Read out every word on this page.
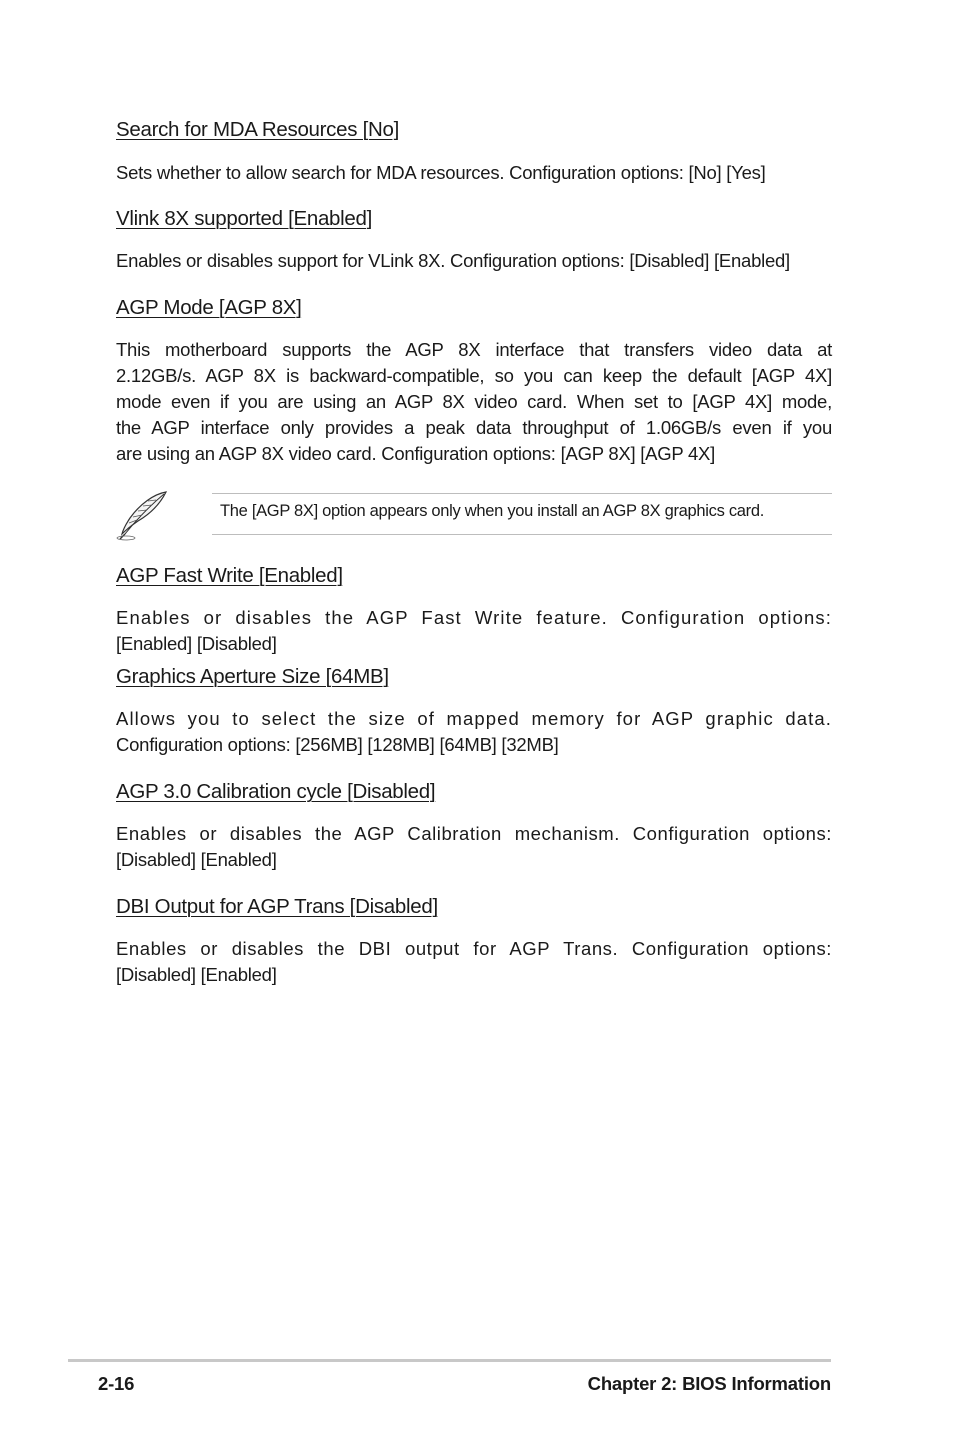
Search for MDA Resources [No]
Sets whether to allow search for MDA resources. Configuration options: [No] [Yes]
Vlink 8X supported [Enabled]
Enables or disables support for VLink 8X. Configuration options: [Disabled] [Enabled]
AGP Mode [AGP 8X]
This motherboard supports the AGP 8X interface that transfers video data at
2.12GB/s. AGP 8X is backward-compatible, so you can keep the default [AGP 4X]
mode even if you are using an AGP 8X video card. When set to [AGP 4X] mode,
the AGP interface only provides a peak data throughput of 1.06GB/s even if you
are using an AGP 8X video card. Configuration options: [AGP 8X] [AGP 4X]
The [AGP 8X] option appears only when you install an AGP 8X graphics card.
AGP Fast Write [Enabled]
Enables or disables the AGP Fast Write feature. Configuration options:
[Enabled] [Disabled]
Graphics Aperture Size [64MB]
Allows you to select the size of mapped memory for AGP graphic data.
Configuration options: [256MB] [128MB] [64MB] [32MB]
AGP 3.0 Calibration cycle [Disabled]
Enables or disables the AGP Calibration mechanism. Configuration options:
[Disabled] [Enabled]
DBI Output for AGP Trans [Disabled]
Enables or disables the DBI output for AGP Trans. Configuration options:
[Disabled] [Enabled]
2-16	Chapter 2: BIOS Information
